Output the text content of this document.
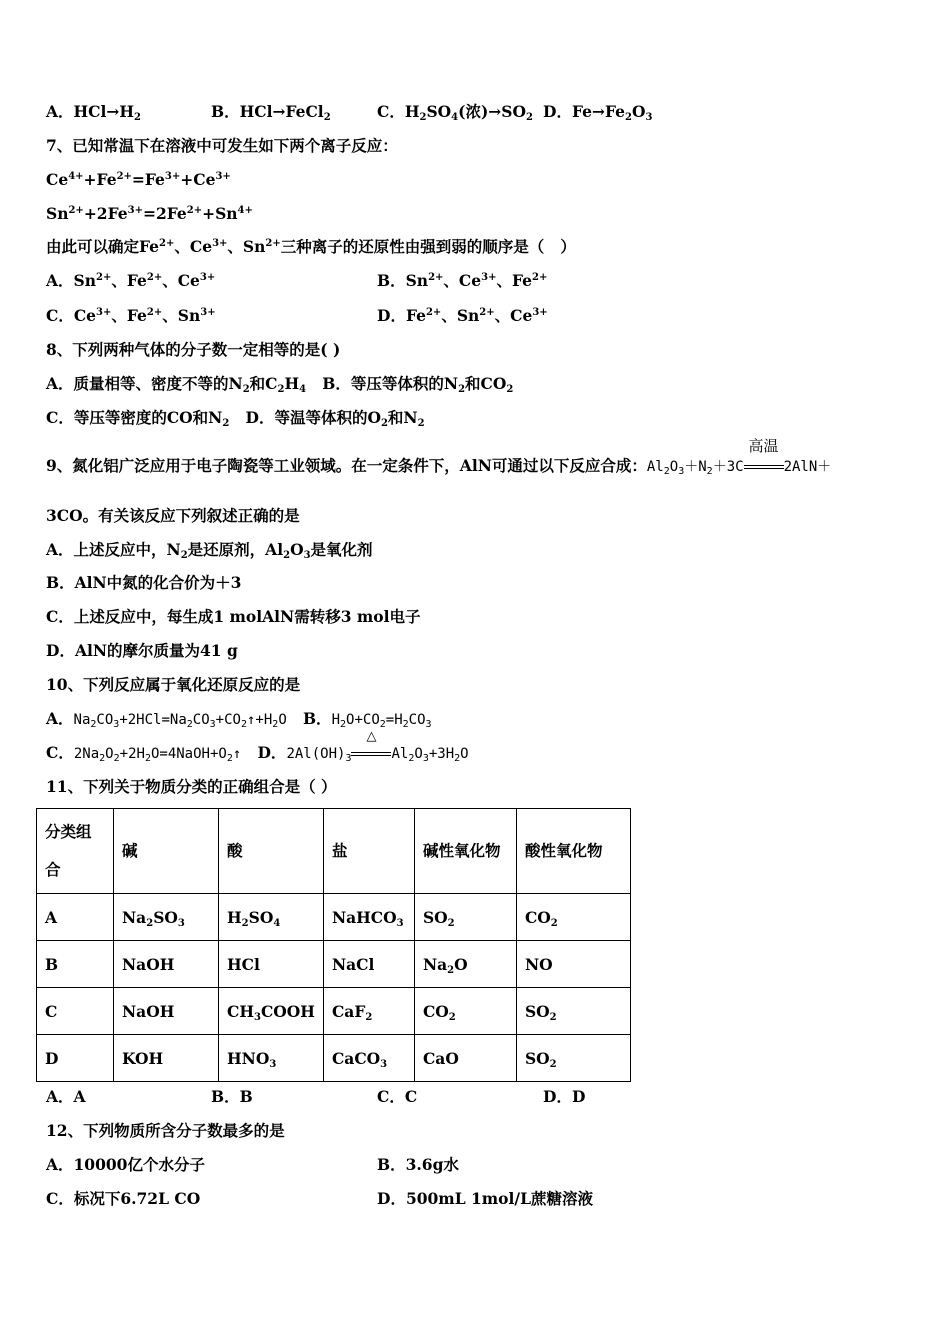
A．$HCl\to H_2$	B．HCl→FeCl$_2$	C．$H_2SO_4$(浓)$\to SO_2$ D．$Fe\to Fe_2O_3$
7、已知常温下在溶液中可发生如下两个离子反应：
$Ce^{4+}+Fe^{2+}=Fe^{3+}+Ce^{3+}$
$Sn^{2+}+2Fe^{3+}=2Fe^{2+}+Sn^{4+}$
由此可以确定$Fe^{2+}$、$Ce^{3+}$、$Sn^{2+}$三种离子的还原性由强到弱的顺序是（   ）
A．$Sn^{2+}$、$Fe^{2+}$、$Ce^{3+}$	B．$Sn^{2+}$、$Ce^{3+}$、$Fe^{2+}$
C．$Ce^{3+}$、$Fe^{2+}$、$Sn^{3+}$	D．$Fe^{2+}$、$Sn^{2+}$、$Ce^{3+}$
8、下列两种气体的分子数一定相等的是( )
A．质量相等、密度不等的$N_2$和$C_2H_4$   B．等压等体积的$N_2$和$CO_2$
C．等压等密度的CO和$N_2$   D．等温等体积的$O_2$和$N_2$
9、氮化铝广泛应用于电子陶瓷等工业领域。在一定条件下，AlN可通过以下反应合成：$Al_2O_3+N_2+3C$
高温
2AlN＋
3CO。有关该反应下列叙述正确的是
A．上述反应中，$N_2$是还原剂，$Al_2O_3$是氧化剂
B．AlN中氮的化合价为＋3
C．上述反应中，每生成1 molAlN需转移3 mol电子
D．AlN的摩尔质量为41 g
10、下列反应属于氧化还原反应的是
A．$Na_2CO_3+2HCl=Na_2CO_3+CO_2↑+H_2O$   B．$H_2O+CO_2=H_2CO_3$
C．$2Na_2O_2+2H_2O=4NaOH+O_2↑$   D．$2Al(OH)_3$
△
$Al_2O_3+3H_2O$
11、下列关于物质分类的正确组合是（ ）
分类组合	碱	酸	盐	碱性氧化物	酸性氧化物
A	$Na_2SO_3$	$H_2SO_4$	NaHCO$_3$	$SO_2$	$CO_2$
B	NaOH	HCl	NaCl	$Na_2O$	NO
C	NaOH	$CH_3COOH$	CaF$_2$	$CO_2$	$SO_2$
D	KOH	$HNO_3$	CaCO$_3$	CaO	$SO_2$
A．A	B．B	C．C	D．D
12、下列物质所含分子数最多的是
A．10000亿个水分子	B．3.6g水
C．标况下6.72L CO	D．500mL 1mol/L蔗糖溶液
